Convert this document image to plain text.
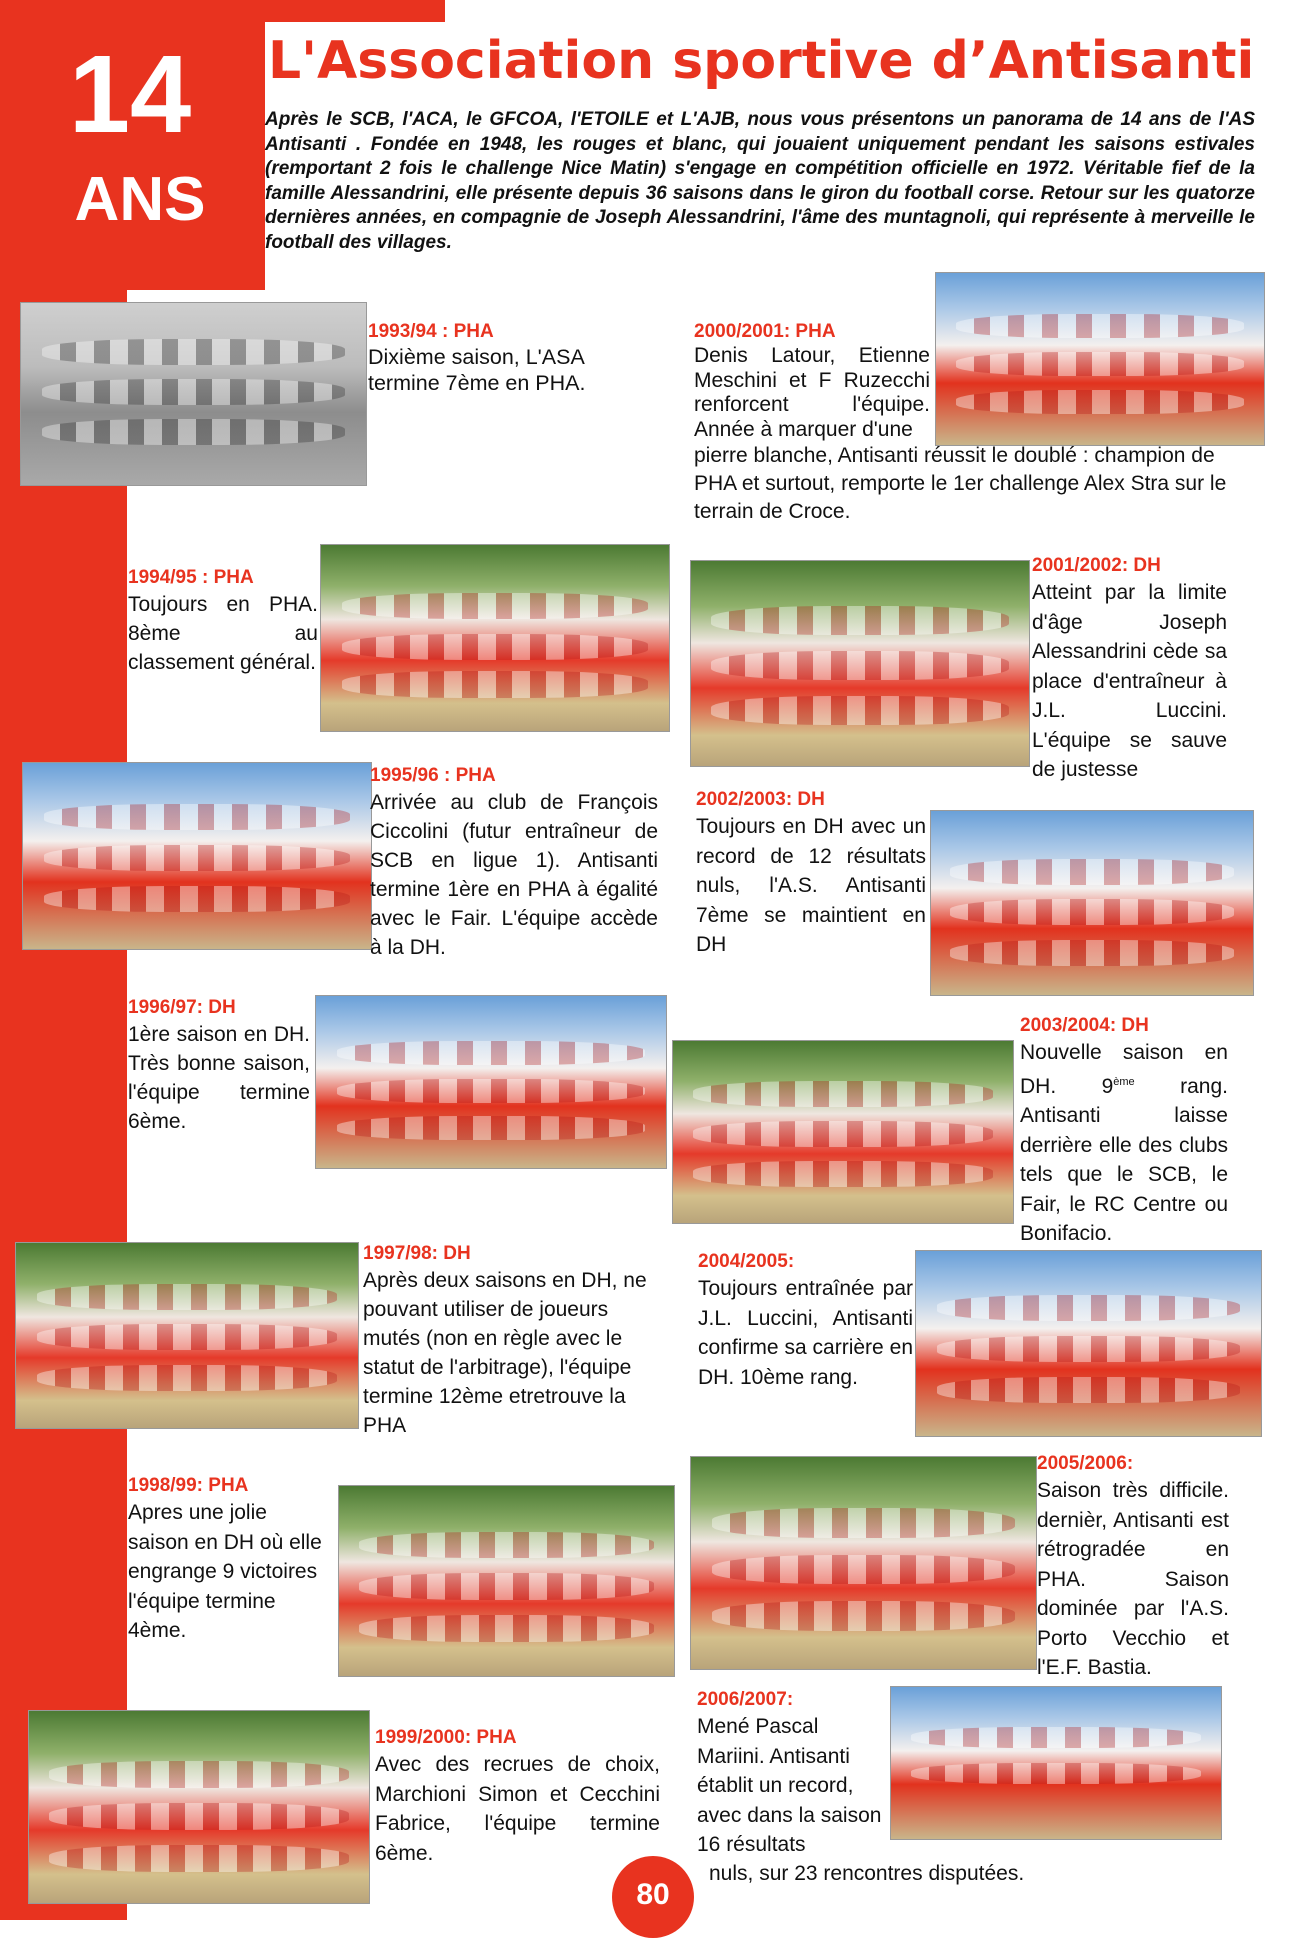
14
ANS
L'Association sportive d’Antisanti
Après le SCB, l'ACA, le GFCOA, l'ETOILE et L'AJB, nous vous présentons un panorama de 14 ans de l'AS Antisanti . Fondée en 1948, les rouges et blanc, qui jouaient uniquement pendant les saisons estivales (remportant 2 fois le challenge Nice Matin) s'engage en compétition officielle en 1972. Véritable fief de la famille Alessandrini, elle présente depuis 36 saisons dans le giron du football corse. Retour sur les quatorze dernières années, en compagnie de Joseph Alessandrini, l'âme des muntagnoli, qui représente à merveille le football des villages.
1993/94 : PHA

Dixième saison, L'ASA termine 7ème en PHA.

1994/95 : PHA

Toujours en PHA. 8ème au classement général.

1995/96 : PHA

Arrivée au club de François Ciccolini (futur entraîneur de SCB en ligue 1). Antisanti termine 1ère en PHA à égalité avec le Fair. L'équipe accède à la DH.

1996/97: DH

1ère saison en DH. Très bonne saison, l'équipe termine 6ème.

1997/98: DH

Après deux saisons en DH, ne pouvant utiliser de joueurs mutés (non en règle avec le statut de l'arbitrage), l'équipe termine 12ème etretrouve la PHA

1998/99: PHA

Apres une jolie saison en DH où elle engrange 9 victoires l'équipe termine 4ème.

1999/2000: PHA

Avec des recrues de choix, Marchioni Simon et Cecchini Fabrice, l'équipe termine 6ème.

2000/2001: PHA

Denis Latour, Etienne Meschini et F Ruzecchi renforcent l'équipe. Année à marquer d'une

pierre blanche, Antisanti réussit le doublé : champion de PHA et surtout, remporte le 1er challenge Alex Stra sur le terrain de Croce.

2001/2002: DH

Atteint par la limite d'âge Joseph Alessandrini cède sa place d'entraîneur à J.L. Luccini. L'équipe se sauve de justesse

2002/2003: DH

Toujours en DH avec un record de 12 résultats nuls, l'A.S. Antisanti 7ème se maintient en DH

2003/2004: DH

Nouvelle saison en DH. 9ème rang. Antisanti laisse derrière elle des clubs tels que le SCB, le Fair, le RC Centre ou Bonifacio.

2004/2005:

Toujours entraînée par J.L. Luccini, Antisanti confirme sa carrière en DH. 10ème rang.

2005/2006:

Saison très difficile. dernièr, Antisanti est rétrogradée en PHA. Saison dominée par l'A.S. Porto Vecchio et l'E.F. Bastia.

2006/2007:

Mené Pascal Mariini. Antisanti établit un record, avec dans la saison 16 résultats

nuls, sur 23 rencontres disputées.

80
